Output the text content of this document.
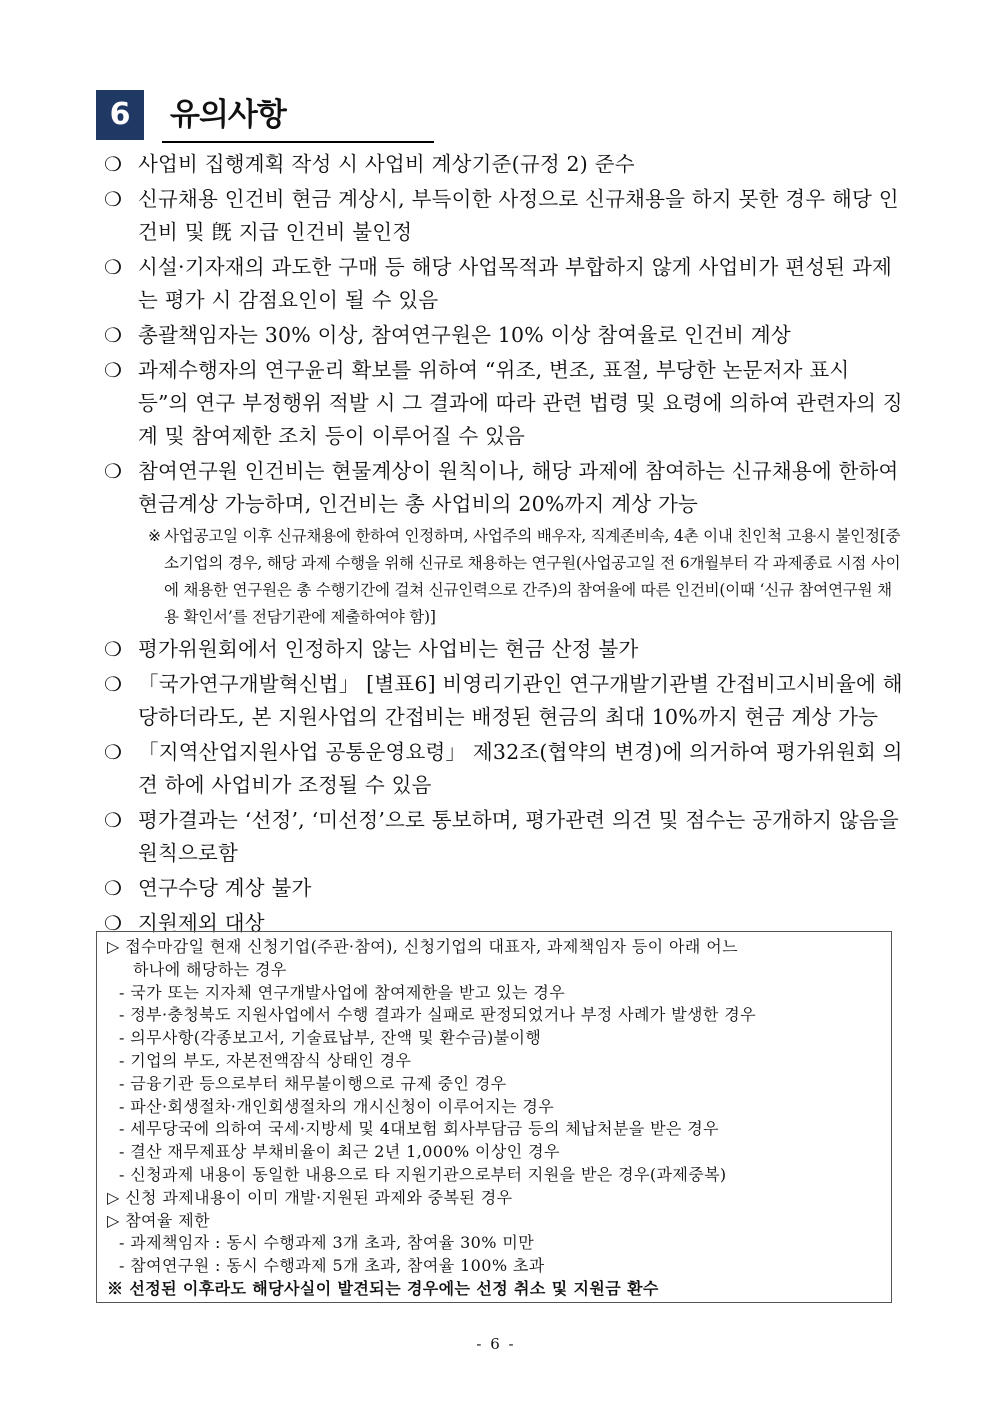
6	유의사항
❍ 사업비 집행계획 작성 시 사업비 계상기준(규정 2) 준수
❍ 신규채용 인건비 현금 계상시, 부득이한 사정으로 신규채용을 하지 못한 경우 해당 인건비 및 旣 지급 인건비 불인정
❍ 시설·기자재의 과도한 구매 등 해당 사업목적과 부합하지 않게 사업비가 편성된 과제는 평가 시 감점요인이 될 수 있음
❍ 총괄책임자는 30% 이상, 참여연구원은 10% 이상 참여율로 인건비 계상
❍ 과제수행자의 연구윤리 확보를 위하여 “위조, 변조, 표절, 부당한 논문저자 표시 등”의 연구 부정행위 적발 시 그 결과에 따라 관련 법령 및 요령에 의하여 관련자의 징계 및 참여제한 조치 등이 이루어질 수 있음
❍ 참여연구원 인건비는 현물계상이 원칙이나, 해당 과제에 참여하는 신규채용에 한하여 현금계상 가능하며, 인건비는 총 사업비의 20%까지 계상 가능
※ 사업공고일 이후 신규채용에 한하여 인정하며, 사업주의 배우자, 직계존비속, 4촌 이내 친인척 고용시 불인정[중소기업의 경우, 해당 과제 수행을 위해 신규로 채용하는 연구원(사업공고일 전 6개월부터 각 과제종료 시점 사이에 채용한 연구원은 총 수행기간에 걸쳐 신규인력으로 간주)의 참여율에 따른 인건비(이때 ‘신규 참여연구원 채용 확인서’를 전담기관에 제출하여야 함)]
❍ 평가위원회에서 인정하지 않는 사업비는 현금 산정 불가
❍ 「국가연구개발혁신법」 [별표6] 비영리기관인 연구개발기관별 간접비고시비율에 해당하더라도, 본 지원사업의 간접비는 배정된 현금의 최대 10%까지 현금 계상 가능
❍ 「지역산업지원사업 공통운영요령」 제32조(협약의 변경)에 의거하여 평가위원회 의견 하에 사업비가 조정될 수 있음
❍ 평가결과는 ‘선정’, ‘미선정’으로 통보하며, 평가관련 의견 및 점수는 공개하지 않음을 원칙으로함
❍ 연구수당 계상 불가
❍ 지원제외 대상
▷ 접수마감일 현재 신청기업(주관·참여), 신청기업의 대표자, 과제책임자 등이 아래 어느
하나에 해당하는 경우
- 국가 또는 지자체 연구개발사업에 참여제한을 받고 있는 경우
- 정부·충청북도 지원사업에서 수행 결과가 실패로 판정되었거나 부정 사례가 발생한 경우
- 의무사항(각종보고서, 기술료납부, 잔액 및 환수금)불이행
- 기업의 부도, 자본전액잠식 상태인 경우
- 금융기관 등으로부터 채무불이행으로 규제 중인 경우
- 파산·회생절차·개인회생절차의 개시신청이 이루어지는 경우
- 세무당국에 의하여 국세·지방세 및 4대보험 회사부담금 등의 체납처분을 받은 경우
- 결산 재무제표상 부채비율이 최근 2년 1,000% 이상인 경우
- 신청과제 내용이 동일한 내용으로 타 지원기관으로부터 지원을 받은 경우(과제중복)
▷ 신청 과제내용이 이미 개발·지원된 과제와 중복된 경우
▷ 참여율 제한
- 과제책임자 : 동시 수행과제 3개 초과, 참여율 30% 미만
- 참여연구원 : 동시 수행과제 5개 초과, 참여율 100% 초과
※ 선정된 이후라도 해당사실이 발견되는 경우에는 선정 취소 및 지원금 환수
- 6 -
